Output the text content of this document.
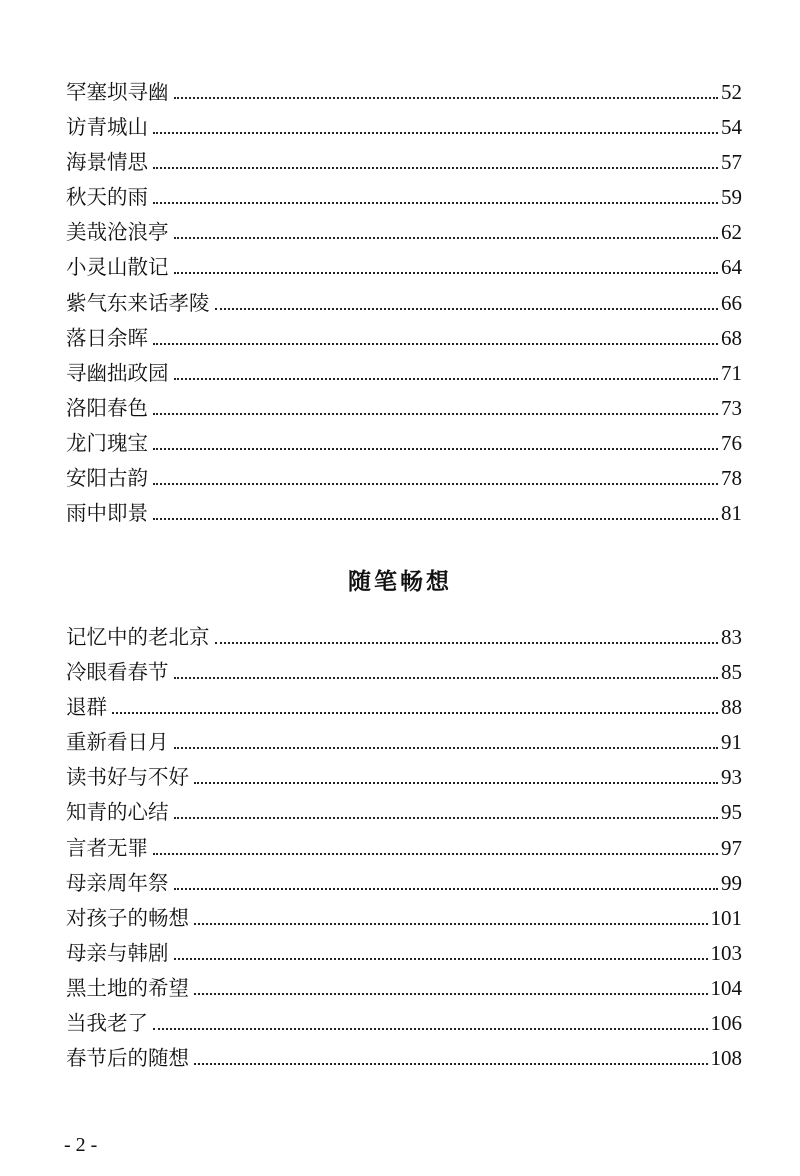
罕塞坝寻幽	52
访青城山	54
海景情思	57
秋天的雨	59
美哉沧浪亭	62
小灵山散记	64
紫气东来话孝陵	66
落日余晖	68
寻幽拙政园	71
洛阳春色	73
龙门瑰宝	76
安阳古韵	78
雨中即景	81
随笔畅想
记忆中的老北京	83
冷眼看春节	85
退群	88
重新看日月	91
读书好与不好	93
知青的心结	95
言者无罪	97
母亲周年祭	99
对孩子的畅想	101
母亲与韩剧	103
黑土地的希望	104
当我老了	106
春节后的随想	108
- 2 -
